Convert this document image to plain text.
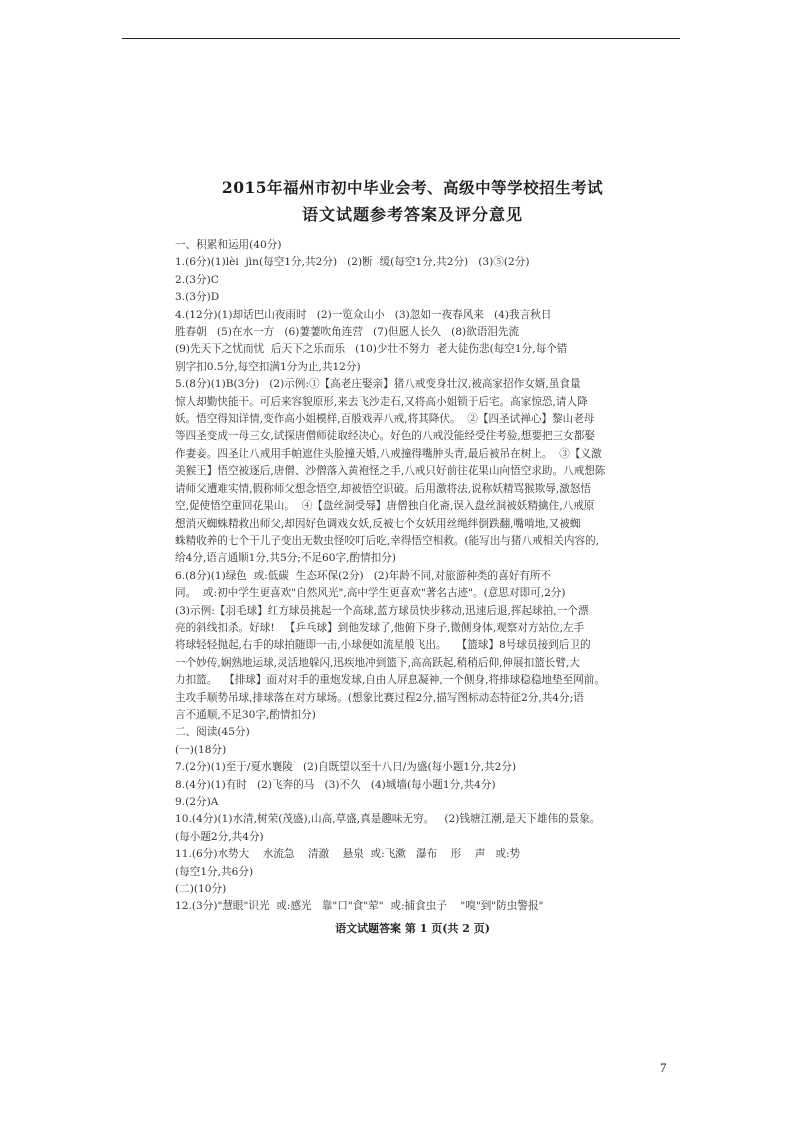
2015年福州市初中毕业会考、高级中等学校招生考试
语文试题参考答案及评分意见

一、积累和运用(40分)

1.(6分)(1)lèi  jìn(每空1分,共2分)   (2)断  缓(每空1分,共2分)   (3)⑤(2分)

2.(3分)C

3.(3分)D

4.(12分)(1)却话巴山夜雨时   (2)一览众山小   (3)忽如一夜春风来   (4)我言秋日

胜春朝   (5)在水一方   (6)萋萋吹角连营   (7)但愿人长久   (8)欲语泪先流

(9)先天下之忧而忧  后天下之乐而乐   (10)少壮不努力  老大徒伤悲(每空1分,每个错

别字扣0.5分,每空扣满1分为止,共12分)

5.(8分)(1)B(3分)   (2)示例:①【高老庄娶亲】猪八戒变身壮汉,被高家招作女婿,虽食量

惊人却勤快能干。可后来容貌原形,来去飞沙走石,又将高小姐锁于后宅。高家惊恐,请人降

妖。悟空得知详情,变作高小姐模样,百般戏弄八戒,将其降伏。  ②【四圣试禅心】黎山老母

等四圣变成一母三女,试探唐僧师徒取经决心。好色的八戒没能经受住考验,想要把三女都娶

作妻妾。四圣让八戒用手帕遮住头脸撞天婚,八戒撞得嘴肿头青,最后被吊在树上。  ③【义激

美猴王】悟空被逐后,唐僧、沙僧落入黄袍怪之手,八戒只好前往花果山向悟空求助。八戒想陈

请师父遭难实情,假称师父想念悟空,却被悟空识破。后用激将法,说称妖精骂猴欺辱,激怒悟

空,促使悟空重回花果山。  ④【盘丝洞受辱】唐僧独自化斋,误入盘丝洞被妖精擒住,八戒原

想消灭蜘蛛精救出师父,却因好色调戏女妖,反被七个女妖用丝绳绊倒跌翻,嘴啃地,又被蜘

蛛精收养的七个干儿子变出无数虫怪咬叮后吃,幸得悟空相救。(能写出与猪八戒相关内容的,

给4分,语言通顺1分,共5分;不足60字,酌情扣分)

6.(8分)(1)绿色  或:低碳  生态环保(2分)   (2)年龄不同,对旅游种类的喜好有所不

同。  或:初中学生更喜欢"自然风光",高中学生更喜欢"著名古迹"。(意思对即可,2分)

(3)示例:【羽毛球】红方球员挑起一个高球,蓝方球员快步移动,迅速后退,挥起球拍,一个漂

亮的斜线扣杀。好球!   【乒乓球】到他发球了,他俯下身子,微侧身体,观察对方站位,左手

将球轻轻抛起,右手的球拍随即一击,小球便如流星般飞出。   【篮球】8号球员接到后卫的

一个妙传,娴熟地运球,灵活地躲闪,迅疾地冲到篮下,高高跃起,稍稍后仰,伸展扣篮长臂,大

力扣篮。  【排球】面对对手的重炮发球,自由人屏息凝神,一个侧身,将排球稳稳地垫至网前。

主攻手顺势吊球,排球落在对方球场。(想象比赛过程2分,描写图标动态特征2分,共4分;语

言不通顺,不足30字,酌情扣分)

二、阅读(45分)

(一)(18分)

7.(2分)(1)至于/夏水襄陵   (2)自既望以至十八日/为盛(每小题1分,共2分)

8.(4分)(1)有时   (2)飞奔的马   (3)不久   (4)城墙(每小题1分,共4分)

9.(2分)A

10.(4分)(1)水清,树荣(茂盛),山高,草盛,真是趣味无穷。   (2)钱塘江潮,是天下雄伟的景象。

(每小题2分,共4分)

11.(6分)水势大    水流急    清澈    悬泉  或:飞漱   瀑布    形    声   或:势

(每空1分,共6分)

(二)(10分)

12.(3分)"慧眼"识光  或:感光   靠"口"食"荤"  或:捕食虫子    "嗅"到"防虫警报"

语文试题答案 第 1 页(共 2 页)
7
